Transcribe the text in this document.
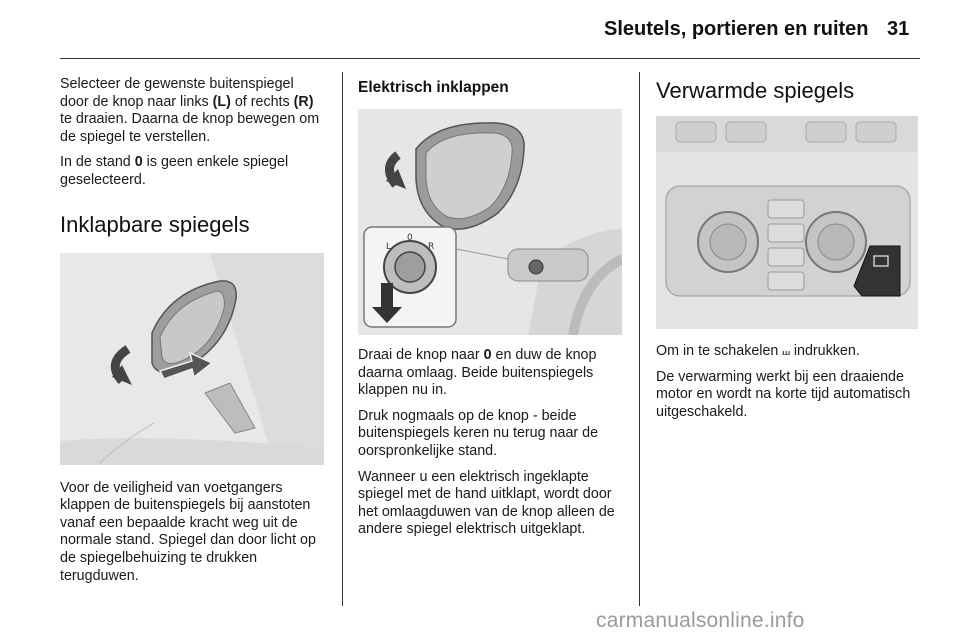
Sleutels, portieren en ruiten 31

Selecteer de gewenste buitenspiegel door de knop naar links (L) of rechts (R) te draaien. Daarna de knop bewegen om de spiegel te verstellen.

In de stand 0 is geen enkele spiegel geselecteerd.

Inklapbare spiegels

Voor de veiligheid van voetgangers klappen de buitenspiegels bij aanstoten vanaf een bepaalde kracht weg uit de normale stand. Spiegel dan door licht op de spiegelbehuizing te drukken terugduwen.

Elektrisch inklappen
L
0
R

Draai de knop naar 0 en duw de knop daarna omlaag. Beide buitenspiegels klappen nu in.

Druk nogmaals op de knop - beide buitenspiegels keren nu terug naar de oorspronkelijke stand.

Wanneer u een elektrisch ingeklapte spiegel met de hand uitklapt, wordt door het omlaagduwen van de knop alleen de andere spiegel elektrisch uitgeklapt.

Verwarmde spiegels

Om in te schakelen ⧢ indrukken.

De verwarming werkt bij een draaiende motor en wordt na korte tijd automatisch uitgeschakeld.

carmanualsonline.info
